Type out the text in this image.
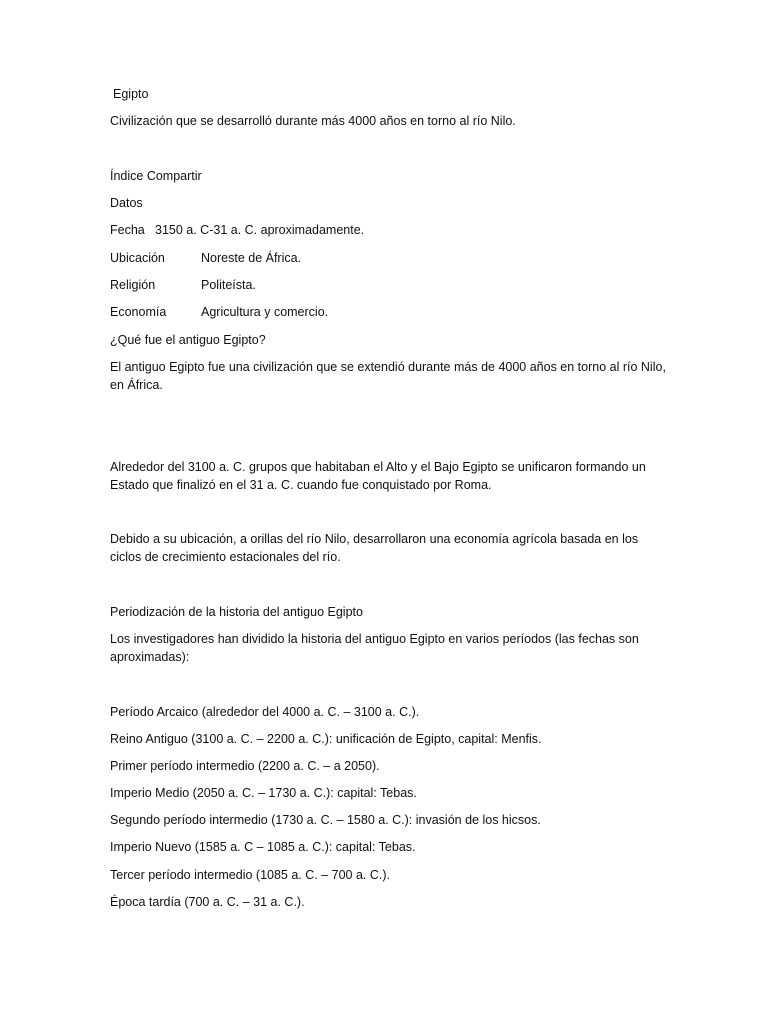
Egipto
Civilización que se desarrolló durante más 4000 años en torno al río Nilo.
Índice Compartir
Datos
Fecha 3150 a. C-31 a. C. aproximadamente.
Ubicación	Noreste de África.
Religión	Politeísta.
Economía	Agricultura y comercio.
¿Qué fue el antiguo Egipto?
El antiguo Egipto fue una civilización que se extendió durante más de 4000 años en torno al río Nilo, en África.
Alrededor del 3100 a. C. grupos que habitaban el Alto y el Bajo Egipto se unificaron formando un Estado que finalizó en el 31 a. C. cuando fue conquistado por Roma.
Debido a su ubicación, a orillas del río Nilo, desarrollaron una economía agrícola basada en los ciclos de crecimiento estacionales del río.
Periodización de la historia del antiguo Egipto
Los investigadores han dividido la historia del antiguo Egipto en varios períodos (las fechas son aproximadas):
Período Arcaico (alrededor del 4000 a. C. – 3100 a. C.).
Reino Antiguo (3100 a. C. – 2200 a. C.): unificación de Egipto, capital: Menfis.
Primer período intermedio (2200 a. C. – a 2050).
Imperio Medio (2050 a. C. – 1730 a. C.): capital: Tebas.
Segundo período intermedio (1730 a. C. – 1580 a. C.): invasión de los hicsos.
Imperio Nuevo (1585 a. C – 1085 a. C.): capital: Tebas.
Tercer período intermedio (1085 a. C. – 700 a. C.).
Época tardía (700 a. C. – 31 a. C.).
